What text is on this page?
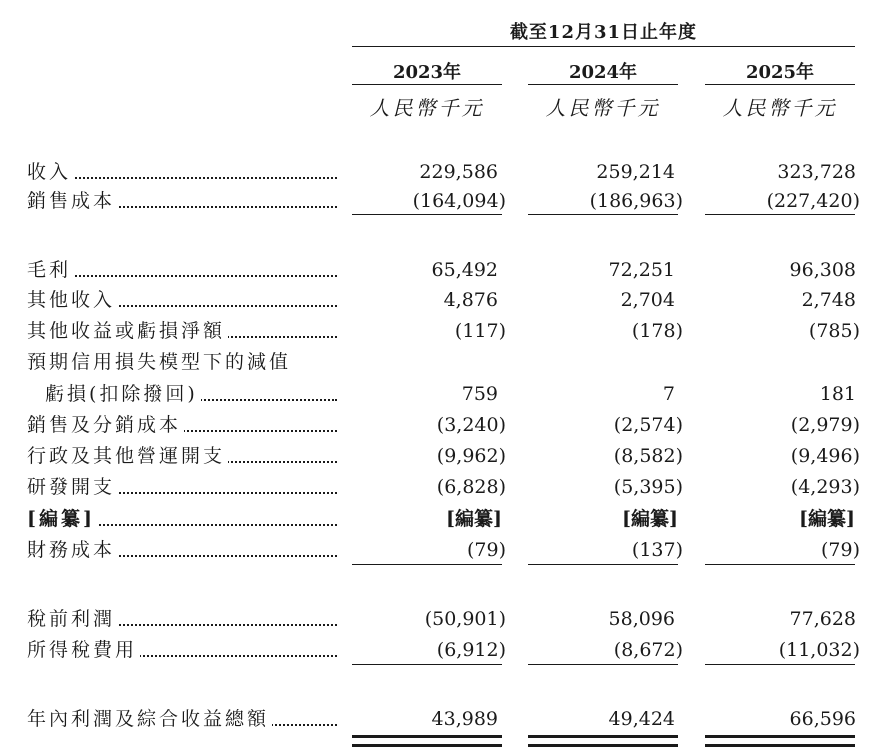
截至12月31日止年度
2023年	2024年	2025年
人民幣千元	人民幣千元	人民幣千元
收入	229,586	259,214	323,728
銷售成本	(164,094)	(186,963)	(227,420)
毛利	65,492	72,251	96,308
其他收入	4,876	2,704	2,748
其他收益或虧損淨額	(117)	(178)	(785)
預期信用損失模型下的減值
虧損(扣除撥回)	759	7	181
銷售及分銷成本	(3,240)	(2,574)	(2,979)
行政及其他營運開支	(9,962)	(8,582)	(9,496)
研發開支	(6,828)	(5,395)	(4,293)
[編纂]	[編纂]	[編纂]	[編纂]
財務成本	(79)	(137)	(79)
稅前利潤	(50,901)	58,096	77,628
所得稅費用	(6,912)	(8,672)	(11,032)
年內利潤及綜合收益總額	43,989	49,424	66,596
